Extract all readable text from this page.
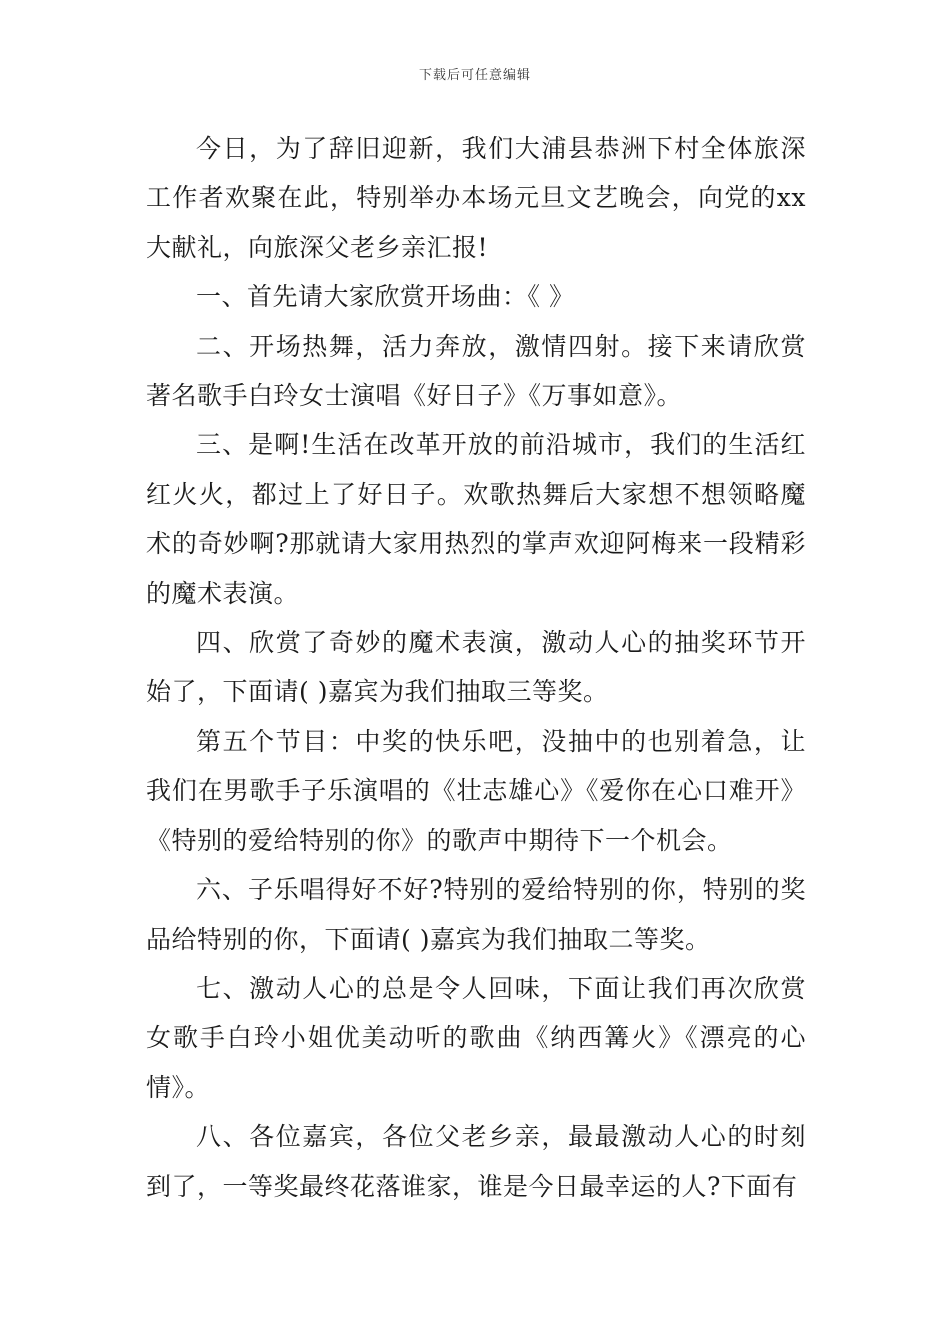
下载后可任意编辑

今日，为了辞旧迎新，我们大浦县恭洲下村全体旅深工作者欢聚在此，特别举办本场元旦文艺晚会，向党的xx大献礼，向旅深父老乡亲汇报!

一、首先请大家欣赏开场曲：《 》

二、开场热舞，活力奔放，激情四射。接下来请欣赏著名歌手白玲女士演唱《好日子》《万事如意》。

三、是啊!生活在改革开放的前沿城市，我们的生活红红火火，都过上了好日子。欢歌热舞后大家想不想领略魔术的奇妙啊?那就请大家用热烈的掌声欢迎阿梅来一段精彩的魔术表演。

四、欣赏了奇妙的魔术表演，激动人心的抽奖环节开始了，下面请( )嘉宾为我们抽取三等奖。

第五个节目：中奖的快乐吧，没抽中的也别着急，让我们在男歌手子乐演唱的《壮志雄心》《爱你在心口难开》《特别的爱给特别的你》的歌声中期待下一个机会。

六、子乐唱得好不好?特别的爱给特别的你，特别的奖品给特别的你，下面请( )嘉宾为我们抽取二等奖。

七、激动人心的总是令人回味，下面让我们再次欣赏女歌手白玲小姐优美动听的歌曲《纳西篝火》《漂亮的心情》。

八、各位嘉宾，各位父老乡亲，最最激动人心的时刻到了，一等奖最终花落谁家，谁是今日最幸运的人?下面有
